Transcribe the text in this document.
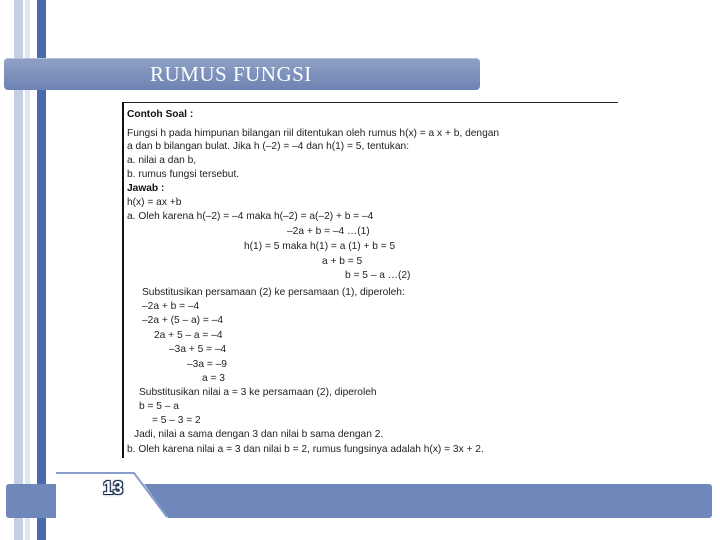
RUMUS FUNGSI
Contoh Soal :
Fungsi h pada himpunan bilangan riil ditentukan oleh rumus h(x) = a x + b, dengan
a dan b bilangan bulat. Jika h (–2) = –4 dan h(1) = 5, tentukan:
a. nilai a dan b,
b. rumus fungsi tersebut.
Jawab :
h(x) = ax +b
a. Oleh karena h(–2) = –4 maka h(–2) = a(–2) + b = –4
–2a + b = –4 …(1)
h(1) = 5 maka h(1) = a (1) + b = 5
a + b = 5
b = 5 – a …(2)
Substitusikan persamaan (2) ke persamaan (1), diperoleh:
–2a + b = –4
–2a + (5 – a) = –4
2a + 5 – a = –4
–3a + 5 = –4
–3a = –9
a = 3
Substitusikan nilai a = 3 ke persamaan (2), diperoleh
b = 5 – a
= 5 – 3 = 2
Jadi, nilai a sama dengan 3 dan nilai b sama dengan 2.
b. Oleh karena nilai a = 3 dan nilai b = 2, rumus fungsinya adalah h(x) = 3x + 2.
13
